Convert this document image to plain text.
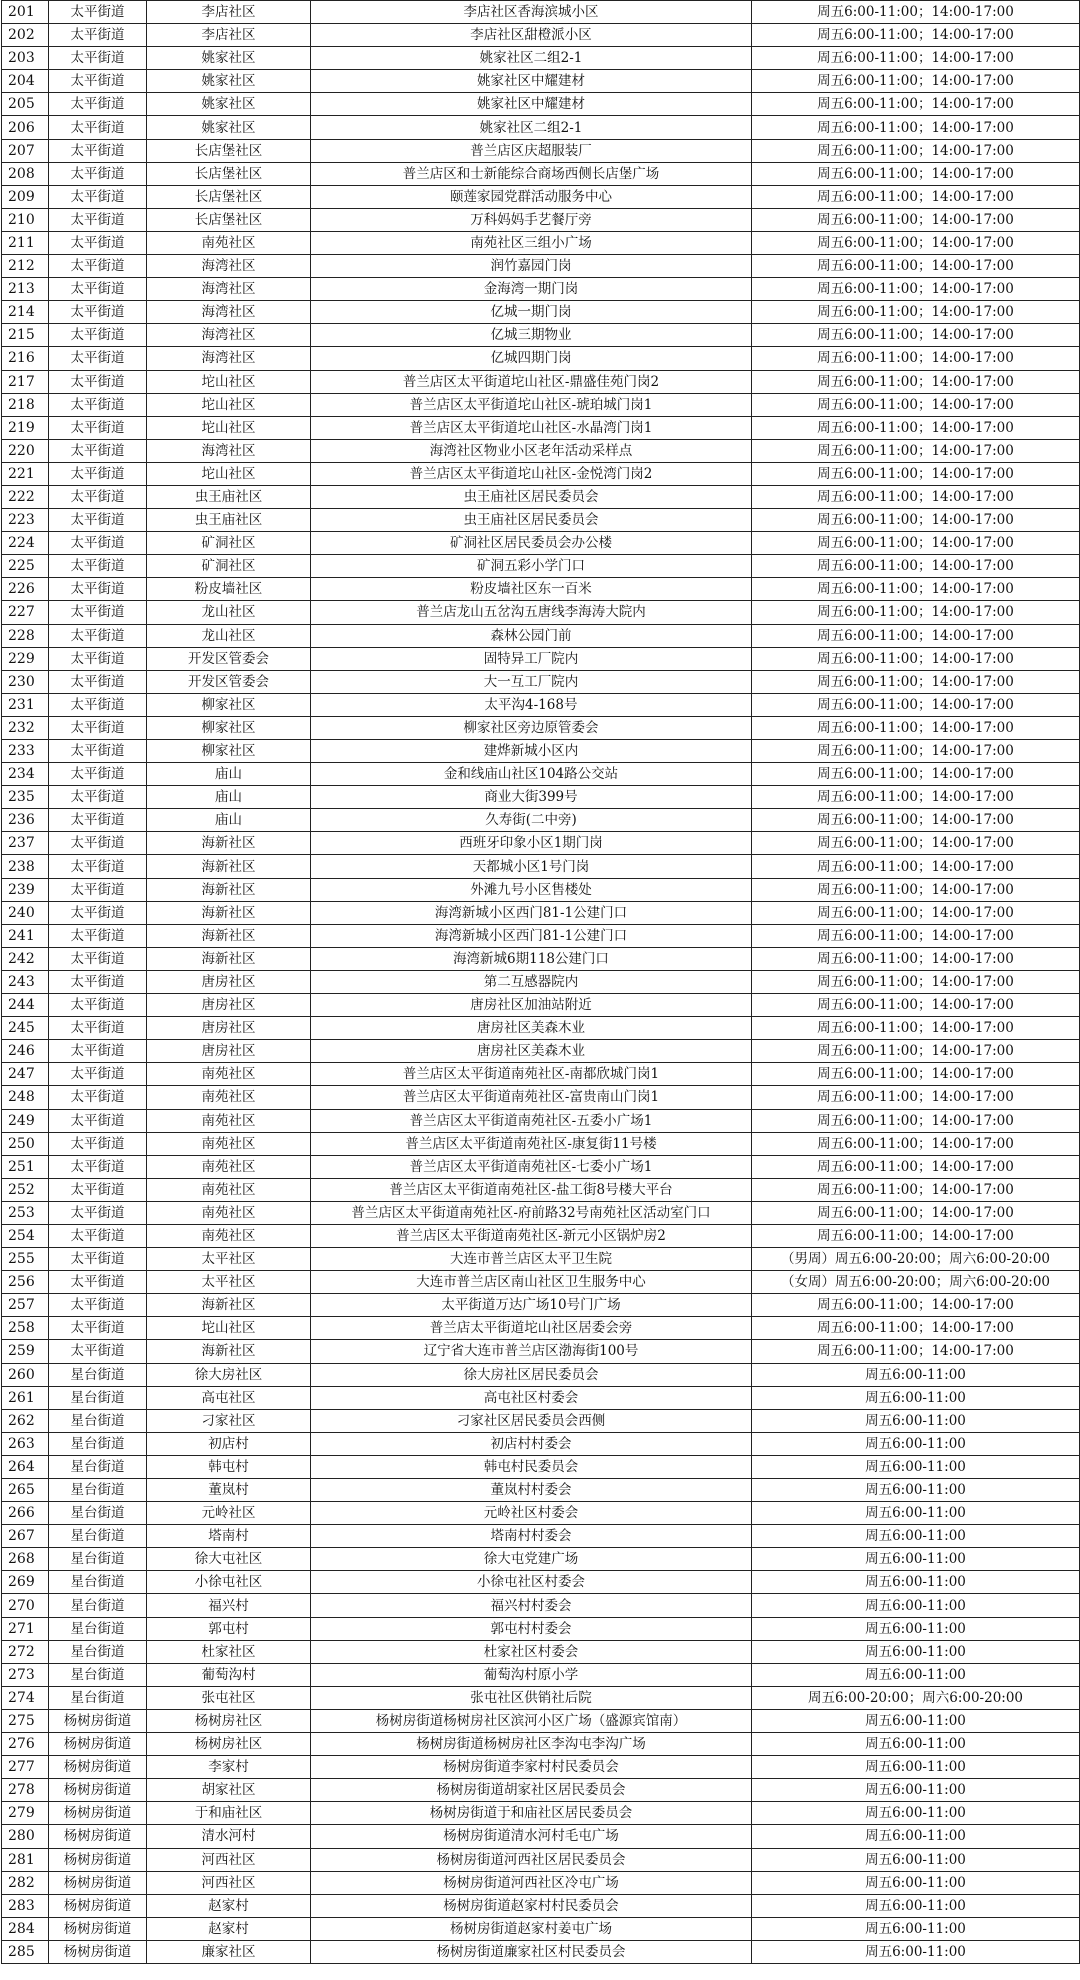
201	太平街道	李店社区	李店社区香海滨城小区	周五6:00-11:00；14:00-17:00
202	太平街道	李店社区	李店社区甜橙派小区	周五6:00-11:00；14:00-17:00
203	太平街道	姚家社区	姚家社区二组2-1	周五6:00-11:00；14:00-17:00
204	太平街道	姚家社区	姚家社区中耀建材	周五6:00-11:00；14:00-17:00
205	太平街道	姚家社区	姚家社区中耀建材	周五6:00-11:00；14:00-17:00
206	太平街道	姚家社区	姚家社区二组2-1	周五6:00-11:00；14:00-17:00
207	太平街道	长店堡社区	普兰店区庆超服装厂	周五6:00-11:00；14:00-17:00
208	太平街道	长店堡社区	普兰店区和士新能综合商场西侧长店堡广场	周五6:00-11:00；14:00-17:00
209	太平街道	长店堡社区	颐莲家园党群活动服务中心	周五6:00-11:00；14:00-17:00
210	太平街道	长店堡社区	万科妈妈手艺餐厅旁	周五6:00-11:00；14:00-17:00
211	太平街道	南苑社区	南苑社区三组小广场	周五6:00-11:00；14:00-17:00
212	太平街道	海湾社区	润竹嘉园门岗	周五6:00-11:00；14:00-17:00
213	太平街道	海湾社区	金海湾一期门岗	周五6:00-11:00；14:00-17:00
214	太平街道	海湾社区	亿城一期门岗	周五6:00-11:00；14:00-17:00
215	太平街道	海湾社区	亿城三期物业	周五6:00-11:00；14:00-17:00
216	太平街道	海湾社区	亿城四期门岗	周五6:00-11:00；14:00-17:00
217	太平街道	坨山社区	普兰店区太平街道坨山社区-鼎盛佳苑门岗2	周五6:00-11:00；14:00-17:00
218	太平街道	坨山社区	普兰店区太平街道坨山社区-琥珀城门岗1	周五6:00-11:00；14:00-17:00
219	太平街道	坨山社区	普兰店区太平街道坨山社区-水晶湾门岗1	周五6:00-11:00；14:00-17:00
220	太平街道	海湾社区	海湾社区物业小区老年活动采样点	周五6:00-11:00；14:00-17:00
221	太平街道	坨山社区	普兰店区太平街道坨山社区-金悦湾门岗2	周五6:00-11:00；14:00-17:00
222	太平街道	虫王庙社区	虫王庙社区居民委员会	周五6:00-11:00；14:00-17:00
223	太平街道	虫王庙社区	虫王庙社区居民委员会	周五6:00-11:00；14:00-17:00
224	太平街道	矿洞社区	矿洞社区居民委员会办公楼	周五6:00-11:00；14:00-17:00
225	太平街道	矿洞社区	矿洞五彩小学门口	周五6:00-11:00；14:00-17:00
226	太平街道	粉皮墙社区	粉皮墙社区东一百米	周五6:00-11:00；14:00-17:00
227	太平街道	龙山社区	普兰店龙山五岔沟五唐线李海涛大院内	周五6:00-11:00；14:00-17:00
228	太平街道	龙山社区	森林公园门前	周五6:00-11:00；14:00-17:00
229	太平街道	开发区管委会	固特异工厂院内	周五6:00-11:00；14:00-17:00
230	太平街道	开发区管委会	大一互工厂院内	周五6:00-11:00；14:00-17:00
231	太平街道	柳家社区	太平沟4-168号	周五6:00-11:00；14:00-17:00
232	太平街道	柳家社区	柳家社区旁边原管委会	周五6:00-11:00；14:00-17:00
233	太平街道	柳家社区	建烨新城小区内	周五6:00-11:00；14:00-17:00
234	太平街道	庙山	金和线庙山社区104路公交站	周五6:00-11:00；14:00-17:00
235	太平街道	庙山	商业大街399号	周五6:00-11:00；14:00-17:00
236	太平街道	庙山	久寿街(二中旁)	周五6:00-11:00；14:00-17:00
237	太平街道	海新社区	西班牙印象小区1期门岗	周五6:00-11:00；14:00-17:00
238	太平街道	海新社区	天都城小区1号门岗	周五6:00-11:00；14:00-17:00
239	太平街道	海新社区	外滩九号小区售楼处	周五6:00-11:00；14:00-17:00
240	太平街道	海新社区	海湾新城小区西门81-1公建门口	周五6:00-11:00；14:00-17:00
241	太平街道	海新社区	海湾新城小区西门81-1公建门口	周五6:00-11:00；14:00-17:00
242	太平街道	海新社区	海湾新城6期118公建门口	周五6:00-11:00；14:00-17:00
243	太平街道	唐房社区	第二互感器院内	周五6:00-11:00；14:00-17:00
244	太平街道	唐房社区	唐房社区加油站附近	周五6:00-11:00；14:00-17:00
245	太平街道	唐房社区	唐房社区美森木业	周五6:00-11:00；14:00-17:00
246	太平街道	唐房社区	唐房社区美森木业	周五6:00-11:00；14:00-17:00
247	太平街道	南苑社区	普兰店区太平街道南苑社区-南都欣城门岗1	周五6:00-11:00；14:00-17:00
248	太平街道	南苑社区	普兰店区太平街道南苑社区-富贵南山门岗1	周五6:00-11:00；14:00-17:00
249	太平街道	南苑社区	普兰店区太平街道南苑社区-五委小广场1	周五6:00-11:00；14:00-17:00
250	太平街道	南苑社区	普兰店区太平街道南苑社区-康复街11号楼	周五6:00-11:00；14:00-17:00
251	太平街道	南苑社区	普兰店区太平街道南苑社区-七委小广场1	周五6:00-11:00；14:00-17:00
252	太平街道	南苑社区	普兰店区太平街道南苑社区-盐工街8号楼大平台	周五6:00-11:00；14:00-17:00
253	太平街道	南苑社区	普兰店区太平街道南苑社区-府前路32号南苑社区活动室门口	周五6:00-11:00；14:00-17:00
254	太平街道	南苑社区	普兰店区太平街道南苑社区-新元小区锅炉房2	周五6:00-11:00；14:00-17:00
255	太平街道	太平社区	大连市普兰店区太平卫生院	（男周）周五6:00-20:00；周六6:00-20:00
256	太平街道	太平社区	大连市普兰店区南山社区卫生服务中心	（女周）周五6:00-20:00；周六6:00-20:00
257	太平街道	海新社区	太平街道万达广场10号门广场	周五6:00-11:00；14:00-17:00
258	太平街道	坨山社区	普兰店太平街道坨山社区居委会旁	周五6:00-11:00；14:00-17:00
259	太平街道	海新社区	辽宁省大连市普兰店区渤海街100号	周五6:00-11:00；14:00-17:00
260	星台街道	徐大房社区	徐大房社区居民委员会	周五6:00-11:00
261	星台街道	高屯社区	高屯社区村委会	周五6:00-11:00
262	星台街道	刁家社区	刁家社区居民委员会西侧	周五6:00-11:00
263	星台街道	初店村	初店村村委会	周五6:00-11:00
264	星台街道	韩屯村	韩屯村民委员会	周五6:00-11:00
265	星台街道	董岚村	董岚村村委会	周五6:00-11:00
266	星台街道	元岭社区	元岭社区村委会	周五6:00-11:00
267	星台街道	塔南村	塔南村村委会	周五6:00-11:00
268	星台街道	徐大屯社区	徐大屯党建广场	周五6:00-11:00
269	星台街道	小徐屯社区	小徐屯社区村委会	周五6:00-11:00
270	星台街道	福兴村	福兴村村委会	周五6:00-11:00
271	星台街道	郭屯村	郭屯村村委会	周五6:00-11:00
272	星台街道	杜家社区	杜家社区村委会	周五6:00-11:00
273	星台街道	葡萄沟村	葡萄沟村原小学	周五6:00-11:00
274	星台街道	张屯社区	张屯社区供销社后院	周五6:00-20:00；周六6:00-20:00
275	杨树房街道	杨树房社区	杨树房街道杨树房社区滨河小区广场（盛源宾馆南）	周五6:00-11:00
276	杨树房街道	杨树房社区	杨树房街道杨树房社区李沟屯李沟广场	周五6:00-11:00
277	杨树房街道	李家村	杨树房街道李家村村民委员会	周五6:00-11:00
278	杨树房街道	胡家社区	杨树房街道胡家社区居民委员会	周五6:00-11:00
279	杨树房街道	于和庙社区	杨树房街道于和庙社区居民委员会	周五6:00-11:00
280	杨树房街道	清水河村	杨树房街道清水河村毛屯广场	周五6:00-11:00
281	杨树房街道	河西社区	杨树房街道河西社区居民委员会	周五6:00-11:00
282	杨树房街道	河西社区	杨树房街道河西社区冷屯广场	周五6:00-11:00
283	杨树房街道	赵家村	杨树房街道赵家村村民委员会	周五6:00-11:00
284	杨树房街道	赵家村	杨树房街道赵家村姜屯广场	周五6:00-11:00
285	杨树房街道	廉家社区	杨树房街道廉家社区村民委员会	周五6:00-11:00
